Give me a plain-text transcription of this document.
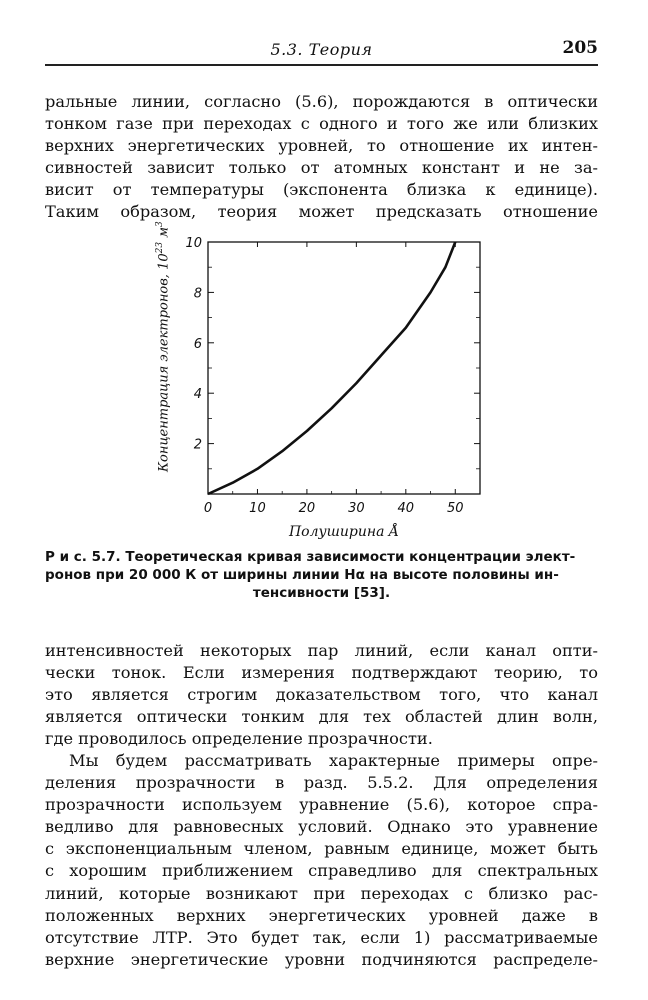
5.3. Теория	205
ральные линии, согласно (5.6), порождаются в оптически
тонком газе при переходах с одного и того же или близких
верхних энергетических уровней, то отношение их интен-
сивностей зависит только от атомных констант и не за-
висит от температуры (экспонента близка к единице).
Таким образом, теория может предсказать отношение
0	10	20	30	40	50
2
4
6
8
10
Полуширина Å
Концентрация электронов, $10^{23}$ $м^3$
Р и с. 5.7. Теоретическая кривая зависимости концентрации элект-
ронов при 20 000 К от ширины линии Hα на высоте половины ин-
тенсивности [53].
интенсивностей некоторых пар линий, если канал опти-
чески тонок. Если измерения подтверждают теорию, то
это является строгим доказательством того, что канал
является оптически тонким для тех областей длин волн,
где проводилось определение прозрачности.
Мы будем рассматривать характерные примеры опре-
деления прозрачности в разд. 5.5.2. Для определения
прозрачности используем уравнение (5.6), которое спра-
ведливо для равновесных условий. Однако это уравнение
с экспоненциальным членом, равным единице, может быть
с хорошим приближением справедливо для спектральных
линий, которые возникают при переходах с близко рас-
положенных верхних энергетических уровней даже в
отсутствие ЛТР. Это будет так, если 1) рассматриваемые
верхние энергетические уровни подчиняются распределе-
